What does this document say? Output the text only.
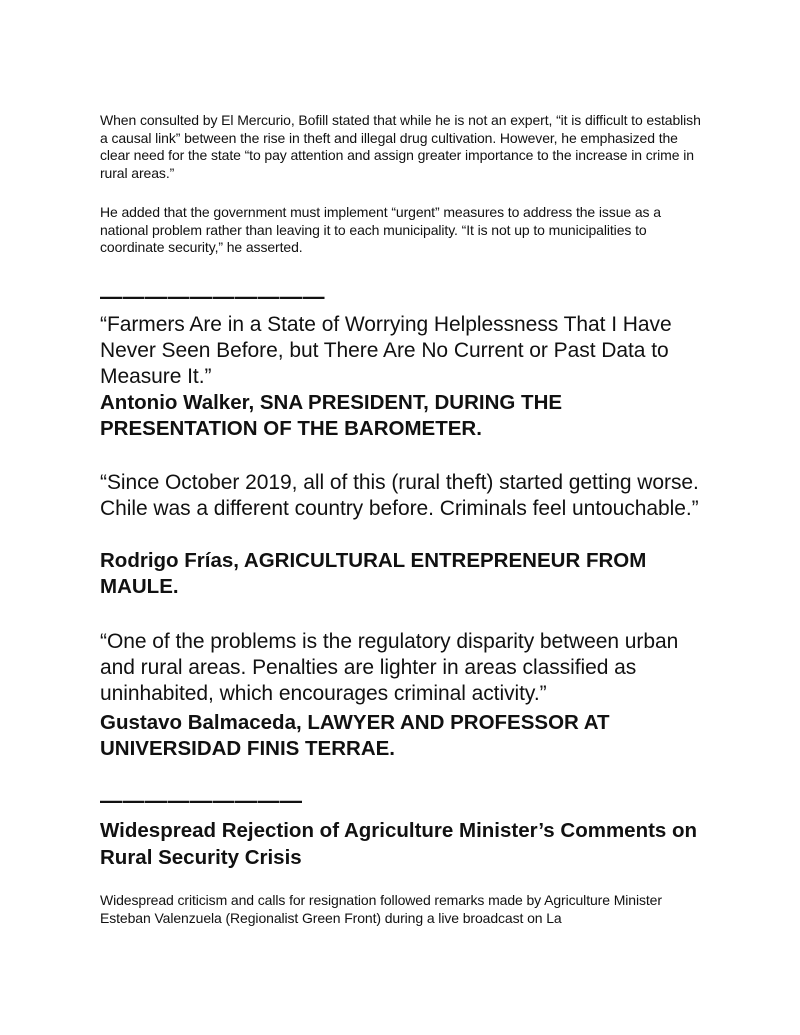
When consulted by El Mercurio, Bofill stated that while he is not an expert, “it is difficult to establish a causal link” between the rise in theft and illegal drug cultivation. However, he emphasized the clear need for the state “to pay attention and assign greater importance to the increase in crime in rural areas.”

He added that the government must implement “urgent” measures to address the issue as a national problem rather than leaving it to each municipality. “It is not up to municipalities to coordinate security,” he asserted.

——————————

“Farmers Are in a State of Worrying Helplessness That I Have Never Seen Before, but There Are No Current or Past Data to Measure It.”

Antonio Walker, SNA PRESIDENT, DURING THE PRESENTATION OF THE BAROMETER.

“Since October 2019, all of this (rural theft) started getting worse. Chile was a different country before. Criminals feel untouchable.”

Rodrigo Frías, AGRICULTURAL ENTREPRENEUR FROM MAULE.

“One of the problems is the regulatory disparity between urban and rural areas. Penalties are lighter in areas classified as uninhabited, which encourages criminal activity.”

Gustavo Balmaceda, LAWYER AND PROFESSOR AT UNIVERSIDAD FINIS TERRAE.

—————————
Widespread Rejection of Agriculture Minister’s Comments on Rural Security Crisis

Widespread criticism and calls for resignation followed remarks made by Agriculture Minister Esteban Valenzuela (Regionalist Green Front) during a live broadcast on La
